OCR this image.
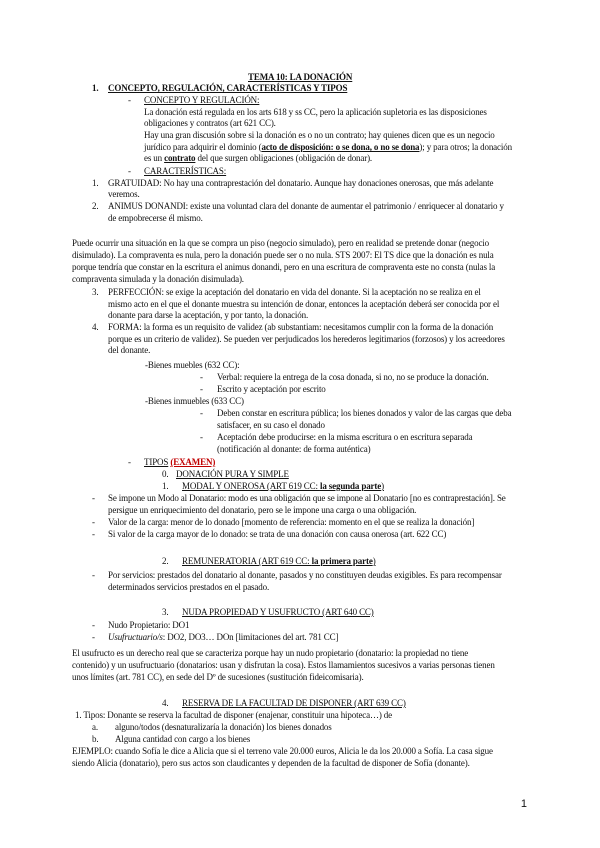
TEMA 10: LA DONACIÓN
1. CONCEPTO, REGULACIÓN, CARACTERÍSTICAS Y TIPOS
- CONCEPTO Y REGULACIÓN:
La donación está regulada en los arts 618 y ss CC, pero la aplicación supletoria es las disposiciones
obligaciones y contratos (art 621 CC).
Hay una gran discusión sobre si la donación es o no un contrato; hay quienes dicen que es un negocio
jurídico para adquirir el dominio (acto de disposición: o se dona, o no se dona); y para otros; la donación
es un contrato del que surgen obligaciones (obligación de donar).
- CARACTERÍSTICAS:
1. GRATUIDAD: No hay una contraprestación del donatario. Aunque hay donaciones onerosas, que más adelante
veremos.
2. ANIMUS DONANDI: existe una voluntad clara del donante de aumentar el patrimonio / enriquecer al donatario y
de empobrecerse él mismo.
Puede ocurrir una situación en la que se compra un piso (negocio simulado), pero en realidad se pretende donar (negocio
disimulado). La compraventa es nula, pero la donación puede ser o no nula. STS 2007: El TS dice que la donación es nula
porque tendría que constar en la escritura el animus donandi, pero en una escritura de compraventa este no consta (nulas la
compraventa simulada y la donación disimulada).
3. PERFECCIÓN: se exige la aceptación del donatario en vida del donante. Si la aceptación no se realiza en el
mismo acto en el que el donante muestra su intención de donar, entonces la aceptación deberá ser conocida por el
donante para darse la aceptación, y por tanto, la donación.
4. FORMA: la forma es un requisito de validez (ab substantiam: necesitamos cumplir con la forma de la donación
porque es un criterio de validez). Se pueden ver perjudicados los herederos legitimarios (forzosos) y los acreedores
del donante.
-Bienes muebles (632 CC):
- Verbal: requiere la entrega de la cosa donada, si no, no se produce la donación.
- Escrito y aceptación por escrito
-Bienes inmuebles (633 CC)
- Deben constar en escritura pública; los bienes donados y valor de las cargas que deba
satisfacer, en su caso el donado
- Aceptación debe producirse: en la misma escritura o en escritura separada
(notificación al donante: de forma auténtica)
- TIPOS (EXAMEN)
0. DONACIÓN PURA Y SIMPLE
1. MODAL Y ONEROSA (ART 619 CC: la segunda parte)
- Se impone un Modo al Donatario: modo es una obligación que se impone al Donatario [no es contraprestación]. Se
persigue un enriquecimiento del donatario, pero se le impone una carga o una obligación.
- Valor de la carga: menor de lo donado [momento de referencia: momento en el que se realiza la donación]
- Si valor de la carga mayor de lo donado: se trata de una donación con causa onerosa (art. 622 CC)
2. REMUNERATORIA (ART 619 CC: la primera parte)
- Por servicios: prestados del donatario al donante, pasados y no constituyen deudas exigibles. Es para recompensar
determinados servicios prestados en el pasado.
3. NUDA PROPIEDAD Y USUFRUCTO (ART 640 CC)
- Nudo Propietario: DO1
- Usufructuario/s: DO2, DO3… DOn [limitaciones del art. 781 CC]
El usufructo es un derecho real que se caracteriza porque hay un nudo propietario (donatario: la propiedad no tiene
contenido) y un usufructuario (donatarios: usan y disfrutan la cosa). Estos llamamientos sucesivos a varias personas tienen
unos límites (art. 781 CC), en sede del Dº de sucesiones (sustitución fideicomisaria).
4. RESERVA DE LA FACULTAD DE DISPONER (ART 639 CC)
1. Tipos: Donante se reserva la facultad de disponer (enajenar, constituir una hipoteca…) de
a. alguno/todos (desnaturalizaría la donación) los bienes donados
b. Alguna cantidad con cargo a los bienes
EJEMPLO: cuando Sofía le dice a Alicia que si el terreno vale 20.000 euros, Alicia le da los 20.000 a Sofía. La casa sigue
siendo Alicia (donatario), pero sus actos son claudicantes y dependen de la facultad de disponer de Sofía (donante).
1
